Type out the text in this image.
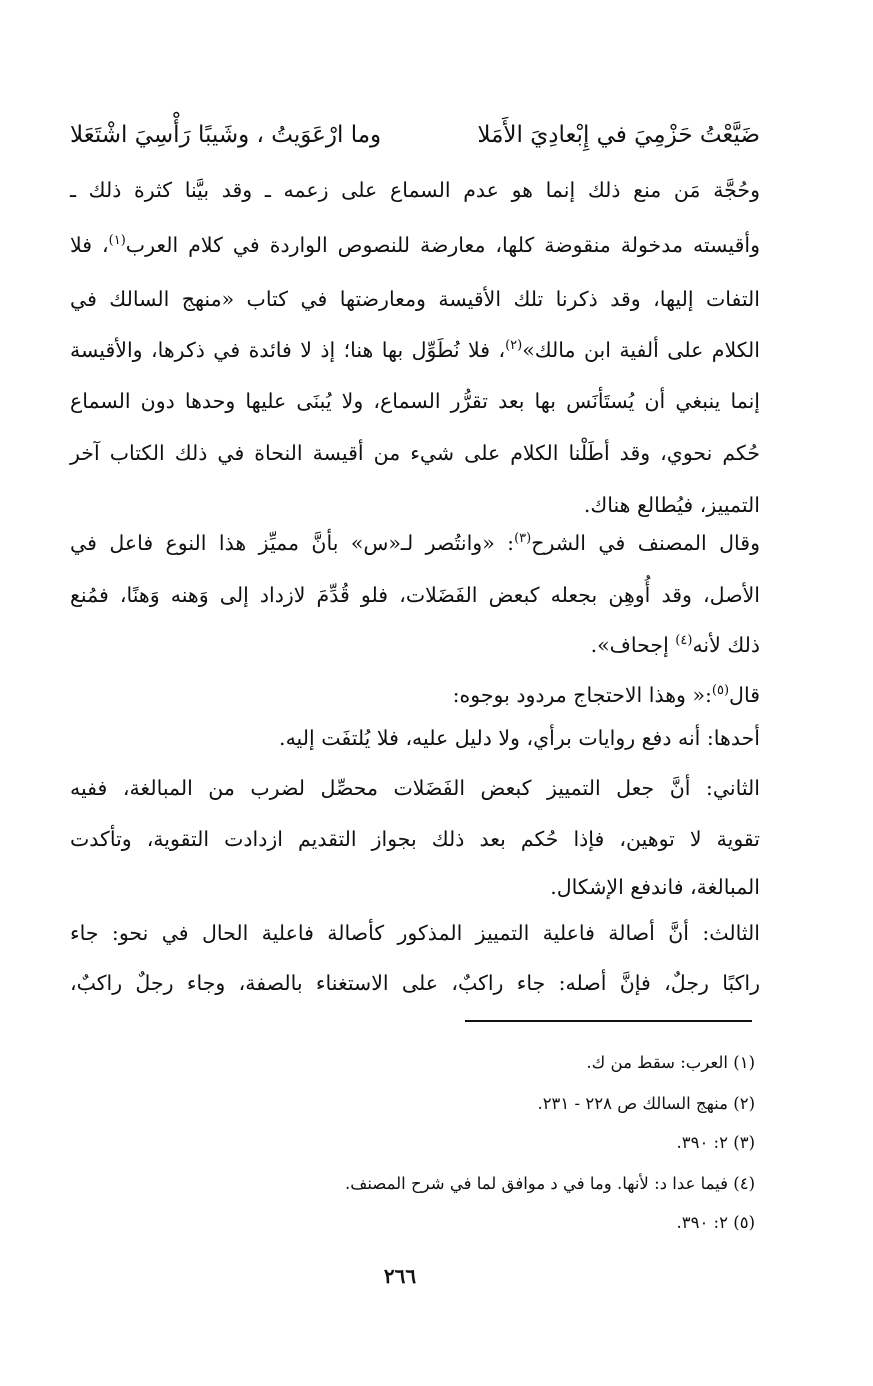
ضَيَّعْتُ حَزْمِيَ في إِبْعادِيَ الأَمَلا
وما ارْعَوَيتُ ، وشَيبًا رَأْسِيَ اشْتَعَلا
وحُجَّة مَن منع ذلك إنما هو عدم السماع على زعمه ـ وقد بيَّنا كثرة ذلك ـ
وأقيسته مدخولة منقوضة كلها، معارضة للنصوص الواردة في كلام العرب$^{(١)}$، فلا
التفات إليها، وقد ذكرنا تلك الأقيسة ومعارضتها في كتاب «منهج السالك في
الكلام على ألفية ابن مالك»$^{(٢)}$، فلا نُطَوِّل بها هنا؛ إذ لا فائدة في ذكرها، والأقيسة
إنما ينبغي أن يُستَأنَس بها بعد تقرُّر السماع، ولا يُبنَى عليها وحدها دون السماع
حُكم نحوي، وقد أطَلْنا الكلام على شيء من أقيسة النحاة في ذلك الكتاب آخر
التمييز، فيُطالع هناك.
وقال المصنف في الشرح$^{(٣)}$: «وانتُصر لـ«س» بأنَّ مميِّز هذا النوع فاعل في
الأصل، وقد أُوهِن بجعله كبعض الفَضَلات، فلو قُدِّمَ لازداد إلى وَهنه وَهنًا، فمُنع
ذلك لأنه$^{(٤)}$ إجحاف».
قال$^{(٥)}$:« وهذا الاحتجاج مردود بوجوه:
أحدها: أنه دفع روايات برأي، ولا دليل عليه، فلا يُلتفَت إليه.
الثاني: أنَّ جعل التمييز كبعض الفَضَلات محصِّل لضرب من المبالغة، ففيه
تقوية لا توهين، فإذا حُكم بعد ذلك بجواز التقديم ازدادت التقوية، وتأكدت
المبالغة، فاندفع الإشكال.
الثالث: أنَّ أصالة فاعلية التمييز المذكور كأصالة فاعلية الحال في نحو: جاء
راكبًا رجلٌ، فإنَّ أصله: جاء راكبٌ، على الاستغناء بالصفة، وجاء رجلٌ راكبٌ،
(١) العرب: سقط من ك.
(٢) منهج السالك ص ٢٢٨ - ٢٣١.
(٣) ٢: ٣٩٠.
(٤) فيما عدا د: لأنها. وما في د موافق لما في شرح المصنف.
(٥) ٢: ٣٩٠.
٢٦٦
